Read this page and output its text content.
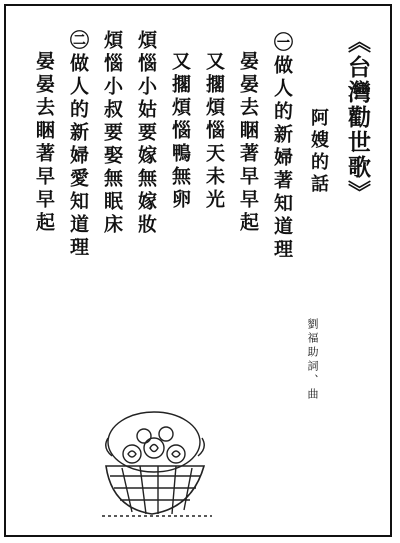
《台灣勸世歌》
阿嫂的話
㊀做人的新婦著知道理
晏晏去睏著早早起
又擱煩惱天未光
又擱煩惱鴨無卵
煩惱小姑要嫁無嫁妝
煩惱小叔要娶無眠床
㊁做人的新婦愛知道理
晏晏去睏著早早起
劉福助詞、曲
